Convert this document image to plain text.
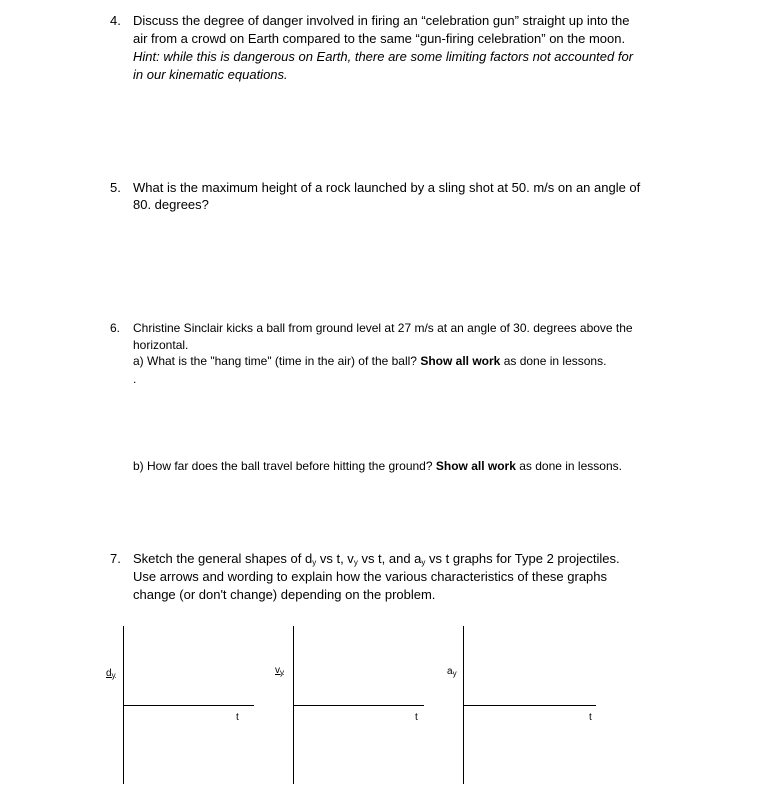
4. Discuss the degree of danger involved in firing an “celebration gun” straight up into the
air from a crowd on Earth compared to the same “gun-firing celebration” on the moon.
Hint: while this is dangerous on Earth, there are some limiting factors not accounted for
in our kinematic equations.
5. What is the maximum height of a rock launched by a sling shot at 50. m/s on an angle of
80. degrees?
6. Christine Sinclair kicks a ball from ground level at 27 m/s at an angle of 30. degrees above the
horizontal.
a) What is the "hang time" (time in the air) of the ball? Show all work as done in lessons.
.
b) How far does the ball travel before hitting the ground? Show all work as done in lessons.
7. Sketch the general shapes of dy vs t, vy vs t, and ay vs t graphs for Type 2 projectiles.
Use arrows and wording to explain how the various characteristics of these graphs
change (or don't change) depending on the problem.
$d_y$
t
$v_y$
t
$a_y$
t
